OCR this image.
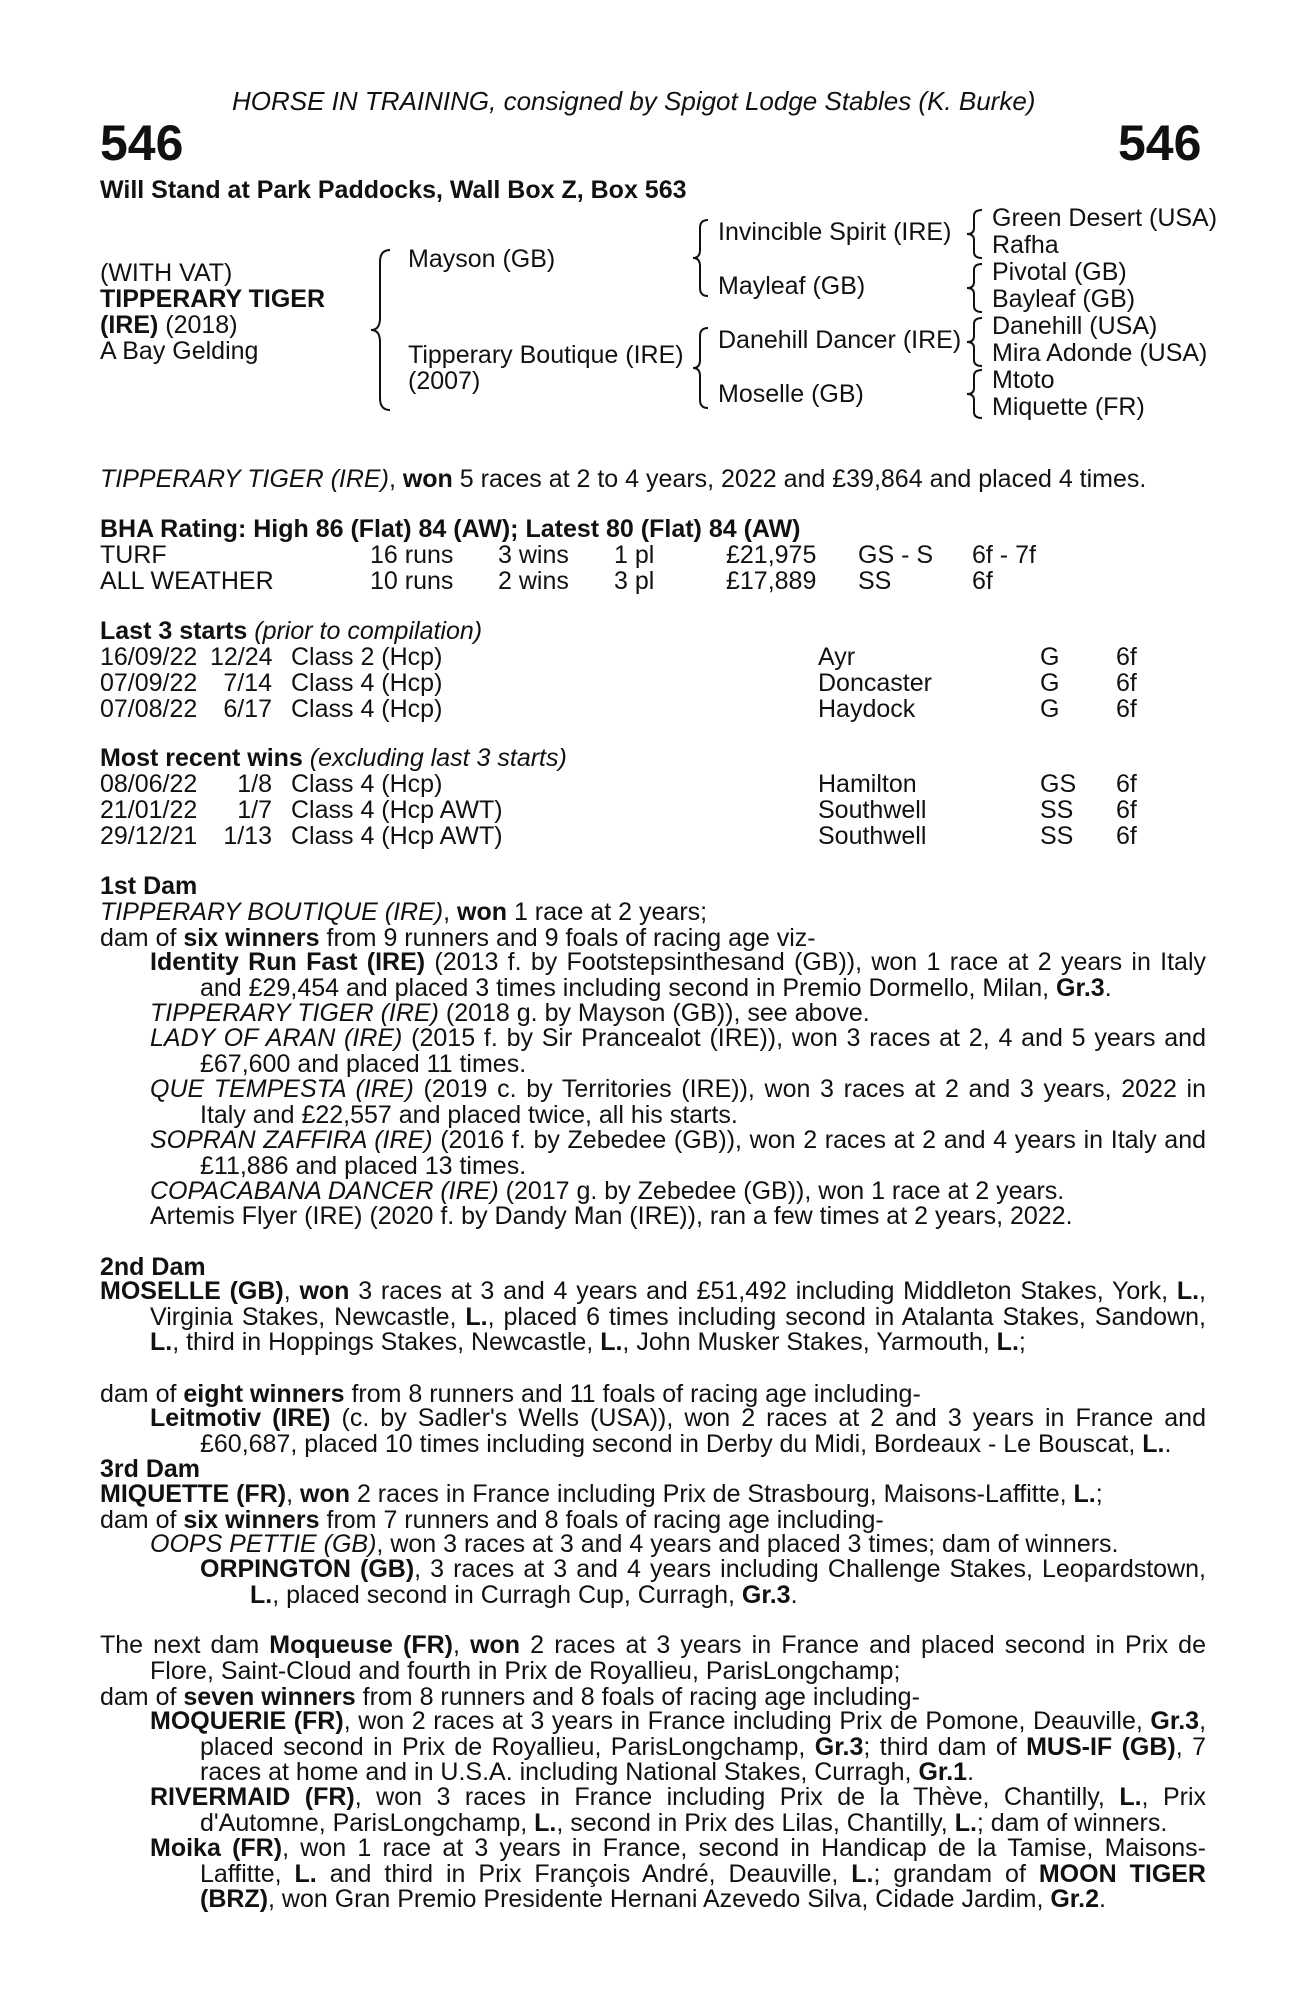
HORSE IN TRAINING, consigned by Spigot Lodge Stables (K. Burke)
546	546
Will Stand at Park Paddocks, Wall Box Z, Box 563
(WITH VAT)
TIPPERARY TIGER
(IRE) (2018)
A Bay Gelding
Mayson (GB)
Tipperary Boutique (IRE)
(2007)
Invincible Spirit (IRE)
Mayleaf (GB)
Danehill Dancer (IRE)
Moselle (GB)
Green Desert (USA)
Rafha
Pivotal (GB)
Bayleaf (GB)
Danehill (USA)
Mira Adonde (USA)
Mtoto
Miquette (FR)
TIPPERARY TIGER (IRE), won 5 races at 2 to 4 years, 2022 and £39,864 and placed 4 times.
BHA Rating: High 86 (Flat) 84 (AW); Latest 80 (Flat) 84 (AW)
TURF	16 runs 3 wins 1 pl	£21,975 GS - S 6f - 7f
ALL WEATHER	10 runs 2 wins 3 pl	£17,889 SS	6f
Last 3 starts (prior to compilation)
16/09/22 12/24 Class 2 (Hcp)	Ayr	G 6f
07/09/22	7/14 Class 4 (Hcp)	Doncaster	G 6f
07/08/22	6/17 Class 4 (Hcp)	Haydock	G 6f
Most recent wins (excluding last 3 starts)
08/06/22	1/8 Class 4 (Hcp)	Hamilton	GS 6f
21/01/22	1/7 Class 4 (Hcp AWT)	Southwell	SS 6f
29/12/21	1/13 Class 4 (Hcp AWT)	Southwell	SS 6f
1st Dam
TIPPERARY BOUTIQUE (IRE), won 1 race at 2 years;
dam of six winners from 9 runners and 9 foals of racing age viz-

Identity Run Fast (IRE) (2013 f. by Footstepsinthesand (GB)), won 1 race at 2 years in Italy and £29,454 and placed 3 times including second in Premio Dormello, Milan, Gr.3.

TIPPERARY TIGER (IRE) (2018 g. by Mayson (GB)), see above.

LADY OF ARAN (IRE) (2015 f. by Sir Prancealot (IRE)), won 3 races at 2, 4 and 5 years and £67,600 and placed 11 times.

QUE TEMPESTA (IRE) (2019 c. by Territories (IRE)), won 3 races at 2 and 3 years, 2022 in Italy and £22,557 and placed twice, all his starts.

SOPRAN ZAFFIRA (IRE) (2016 f. by Zebedee (GB)), won 2 races at 2 and 4 years in Italy and £11,886 and placed 13 times.

COPACABANA DANCER (IRE) (2017 g. by Zebedee (GB)), won 1 race at 2 years.

Artemis Flyer (IRE) (2020 f. by Dandy Man (IRE)), ran a few times at 2 years, 2022.

2nd Dam

MOSELLE (GB), won 3 races at 3 and 4 years and £51,492 including Middleton Stakes, York, L., Virginia Stakes, Newcastle, L., placed 6 times including second in Atalanta Stakes, Sandown, L., third in Hoppings Stakes, Newcastle, L., John Musker Stakes, Yarmouth, L.;

dam of eight winners from 8 runners and 11 foals of racing age including-

Leitmotiv (IRE) (c. by Sadler's Wells (USA)), won 2 races at 2 and 3 years in France and £60,687, placed 10 times including second in Derby du Midi, Bordeaux - Le Bouscat, L..

3rd Dam
MIQUETTE (FR), won 2 races in France including Prix de Strasbourg, Maisons-Laffitte, L.;
dam of six winners from 7 runners and 8 foals of racing age including-

OOPS PETTIE (GB), won 3 races at 3 and 4 years and placed 3 times; dam of winners.

ORPINGTON (GB), 3 races at 3 and 4 years including Challenge Stakes, Leopardstown, L., placed second in Curragh Cup, Curragh, Gr.3.

The next dam Moqueuse (FR), won 2 races at 3 years in France and placed second in Prix de Flore, Saint-Cloud and fourth in Prix de Royallieu, ParisLongchamp;

dam of seven winners from 8 runners and 8 foals of racing age including-

MOQUERIE (FR), won 2 races at 3 years in France including Prix de Pomone, Deauville, Gr.3, placed second in Prix de Royallieu, ParisLongchamp, Gr.3; third dam of MUS-IF (GB), 7 races at home and in U.S.A. including National Stakes, Curragh, Gr.1.

RIVERMAID (FR), won 3 races in France including Prix de la Thève, Chantilly, L., Prix d'Automne, ParisLongchamp, L., second in Prix des Lilas, Chantilly, L.; dam of winners.

Moika (FR), won 1 race at 3 years in France, second in Handicap de la Tamise, Maisons-Laffitte, L. and third in Prix François André, Deauville, L.; grandam of MOON TIGER (BRZ), won Gran Premio Presidente Hernani Azevedo Silva, Cidade Jardim, Gr.2.
